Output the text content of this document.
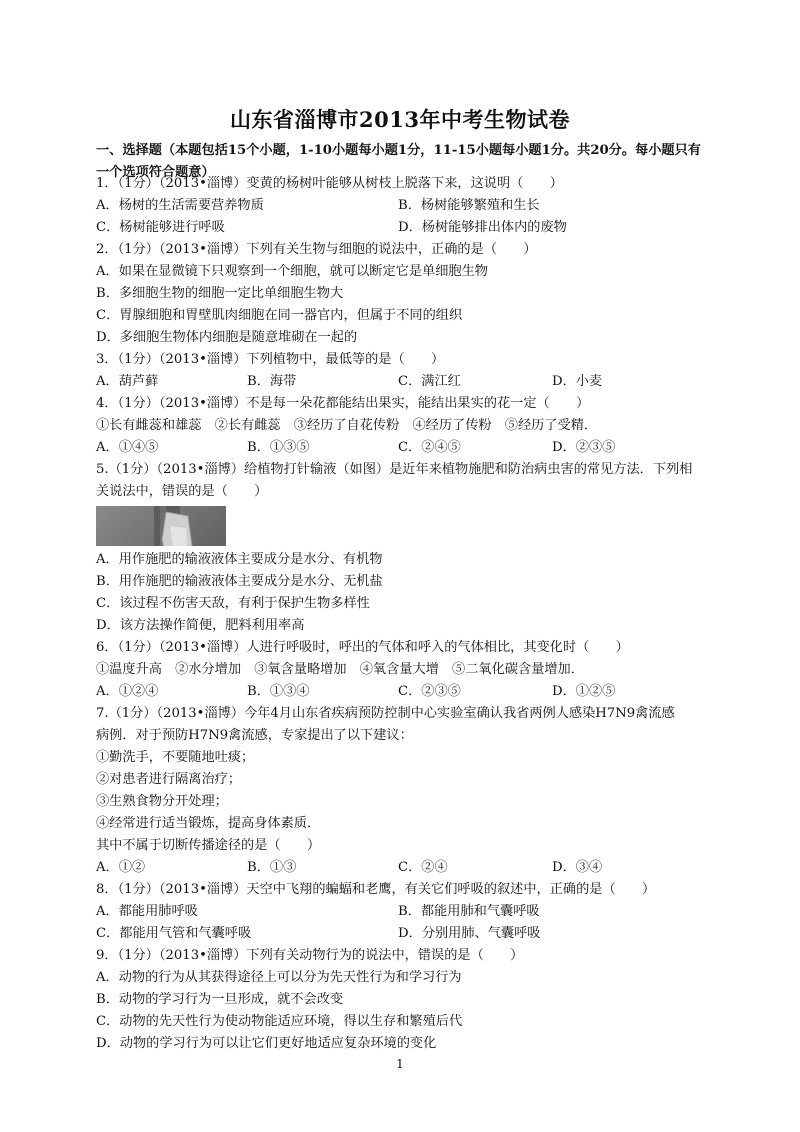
山东省淄博市2013年中考生物试卷
一、选择题（本题包括15个小题，1-10小题每小题1分，11-15小题每小题1分。共20分。每小题只有一个选项符合题意）
1．（1分）（2013•淄博）变黄的杨树叶能够从树枝上脱落下来，这说明（　　）
A．杨树的生活需要营养物质	B．杨树能够繁殖和生长
C．杨树能够进行呼吸	D．杨树能够排出体内的废物
2．（1分）（2013•淄博）下列有关生物与细胞的说法中，正确的是（　　）
A．如果在显微镜下只观察到一个细胞，就可以断定它是单细胞生物
B．多细胞生物的细胞一定比单细胞生物大
C．胃腺细胞和胃壁肌肉细胞在同一器官内，但属于不同的组织
D．多细胞生物体内细胞是随意堆砌在一起的
3．（1分）（2013•淄博）下列植物中，最低等的是（　　）
A．葫芦藓	B．海带	C．满江红	D．小麦
4．（1分）（2013•淄博）不是每一朵花都能结出果实，能结出果实的花一定（　　）
①长有雌蕊和雄蕊　②长有雌蕊　③经历了自花传粉　④经历了传粉　⑤经历了受精．
A．①④⑤	B．①③⑤	C．②④⑤	D．②③⑤
5.（1分）（2013•淄博）给植物打针输液（如图）是近年来植物施肥和防治病虫害的常见方法．下列相
A．用作施肥的输液液体主要成分是水分、有机物
B．用作施肥的输液液体主要成分是水分、无机盐
C．该过程不伤害天敌，有利于保护生物多样性
D．该方法操作简便，肥料利用率高
6．（1分）（2013•淄博）人进行呼吸时，呼出的气体和呼入的气体相比，其变化时（　　）
①温度升高　②水分增加　③氧含量略增加　④氧含量大增　⑤二氧化碳含量增加．
A．①②④	B．①③④	C．②③⑤	D．①②⑤
7.（1分）（2013•淄博）今年4月山东省疾病预防控制中心实验室确认我省两例人感染H7N9禽流感
病例．对于预防H7N9禽流感，专家提出了以下建议：
①勤洗手，不要随地吐痰；
②对患者进行隔离治疗；
③生熟食物分开处理；
④经常进行适当锻炼，提高身体素质．
其中不属于切断传播途径的是（　　）
A．①②	B．①③	C．②④	D．③④
8．（1分）（2013•淄博）天空中飞翔的蝙蝠和老鹰，有关它们呼吸的叙述中，正确的是（　　）
A．都能用肺呼吸	B．都能用肺和气囊呼吸
C．都能用气管和气囊呼吸	D．分别用肺、气囊呼吸
9．（1分）（2013•淄博）下列有关动物行为的说法中，错误的是（　　）
A．动物的行为从其获得途径上可以分为先天性行为和学习行为
1
关说法中，错误的是（　　）
B．动物的学习行为一旦形成，就不会改变
C．动物的先天性行为使动物能适应环境，得以生存和繁殖后代
D．动物的学习行为可以让它们更好地适应复杂环境的变化
